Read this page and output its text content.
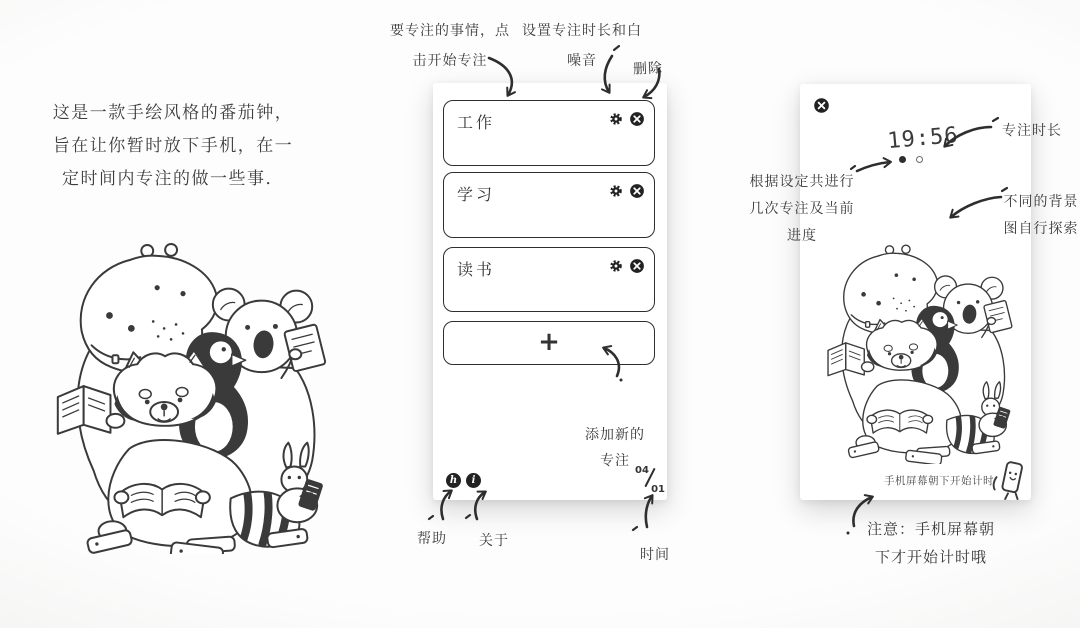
这是一款手绘风格的番茄钟，
旨在让你暂时放下手机，在一
定时间内专注的做一些事．
工作
学习
读书
+
添加新的
专注
04
01
h i
19:56
手机屏幕朝下开始计时
要专注的事情，点
击开始专注
设置专注时长和白
噪音	删除
帮助 关于
时间
专注时长
根据设定共进行
几次专注及当前
进度
不同的背景
图自行探索
注意：手机屏幕朝
下才开始计时哦
